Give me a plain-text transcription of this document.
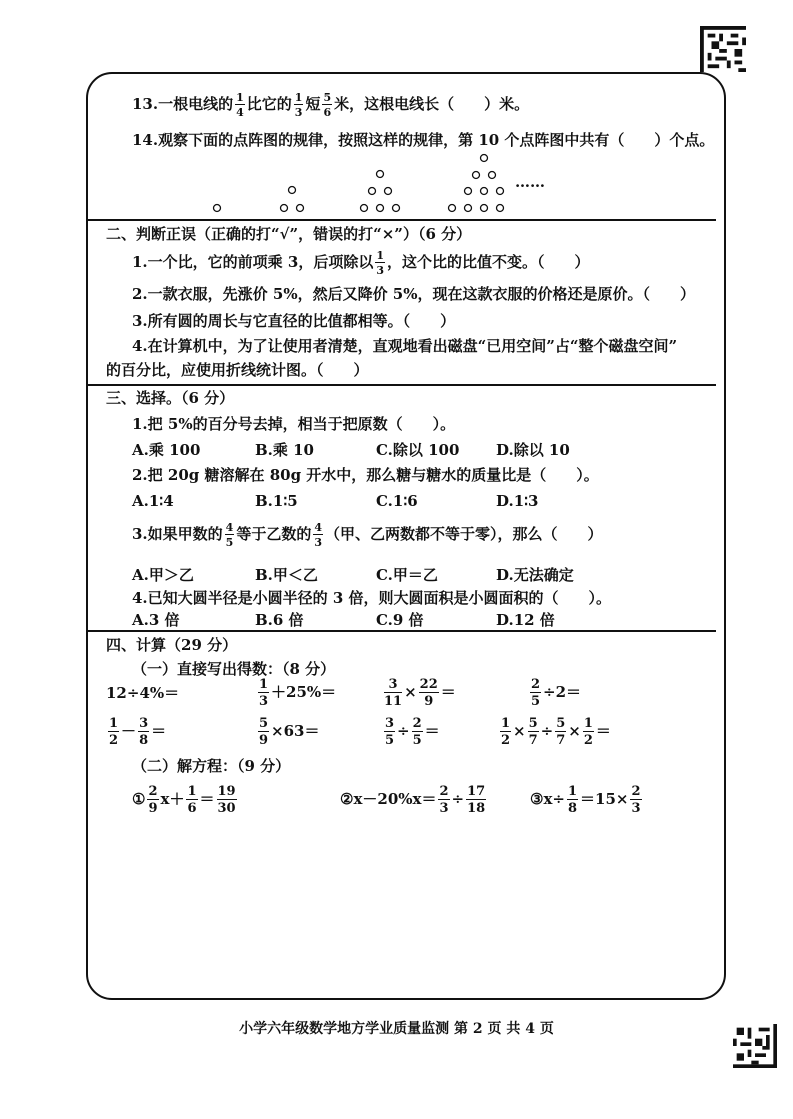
13.一根电线的 $\frac{1}{4}$ 比它的 $\frac{1}{3}$ 短 $\frac{5}{6}$ 米，这根电线长（　　）米。
14.观察下面的点阵图的规律，按照这样的规律，第 10 个点阵图中共有（　　）个点。
……
二、判断正误（正确的打“√”，错误的打“×”）（6 分）
1.一个比，它的前项乘 3，后项除以 $\frac{1}{3}$ ，这个比的比值不变。（　　）
2.一款衣服，先涨价 5%，然后又降价 5%，现在这款衣服的价格还是原价。（　　）
3.所有圆的周长与它直径的比值都相等。（　　）
4.在计算机中，为了让使用者清楚，直观地看出磁盘“已用空间”占“整个磁盘空间”
的百分比，应使用折线统计图。（　　）
三、选择。（6 分）
1.把 5%的百分号去掉，相当于把原数（　　）。
A.乘 100	B.乘 10	C.除以 100 D.除以 10
2.把 20g 糖溶解在 80g 开水中，那么糖与糖水的质量比是（　　）。
A.1∶4	B.1∶5	C.1∶6	D.1∶3
3.如果甲数的 $\frac{4}{5}$ 等于乙数的 $\frac{4}{3}$ （甲、乙两数都不等于零），那么（　　）
A.甲＞乙	B.甲＜乙	C.甲＝乙	D.无法确定
4.已知大圆半径是小圆半径的 3 倍，则大圆面积是小圆面积的（　　）。
A.3 倍	B.6 倍	C.9 倍	D.12 倍
四、计算（29 分）
（一）直接写出得数：（8 分）
12÷4%＝	$\frac{1}{3} +25\%=$	$\frac{3}{11} \times \frac{22}{9}$ ＝	$\frac{2}{5} \div 2=$
$\frac{1}{2} - \frac{3}{8}$ ＝	$\frac{5}{9} \times 63=$	$\frac{3}{5} \div \frac{2}{5}$ ＝	$\frac{1}{2} \times \frac{5}{7} \div \frac{5}{7} \times \frac{1}{2}$ ＝
（二）解方程：（9 分）
① $\frac{2}{9} x+ \frac{1}{6} = \frac{19}{30}$	②x－20%x＝ $\frac{2}{3} \div \frac{17}{18}$	③x÷ $\frac{1}{8} =15\times \frac{2}{3}$
小学六年级数学地方学业质量监测 第 2 页 共 4 页
